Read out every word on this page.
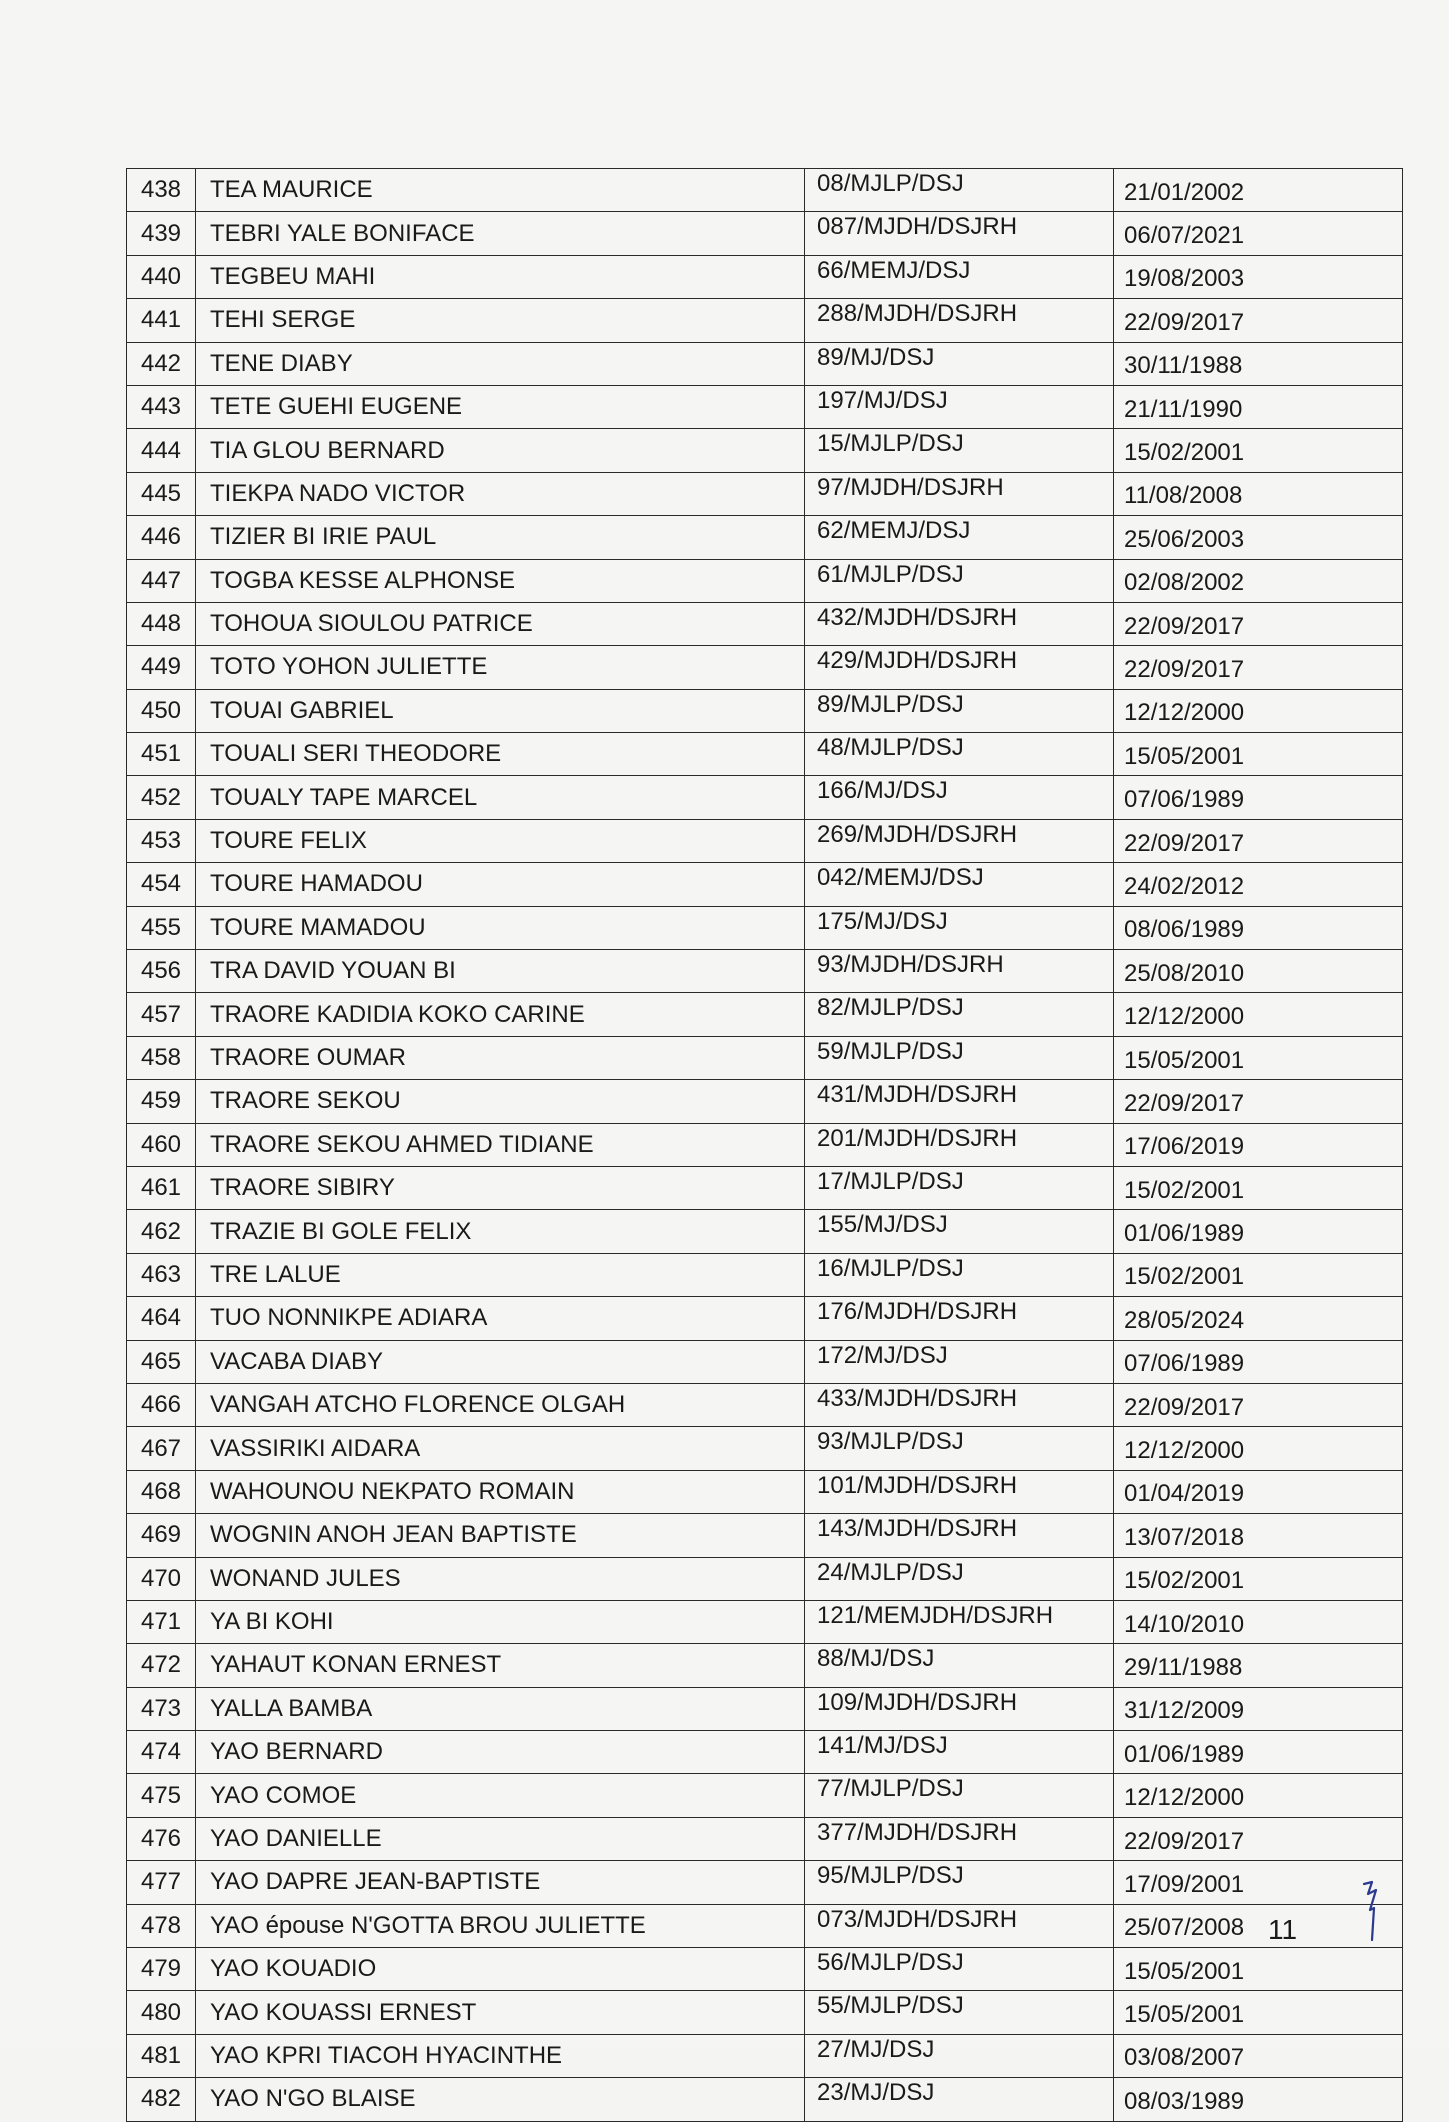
438	TEA MAURICE	08/MJLP/DSJ	21/01/2002
439	TEBRI YALE BONIFACE	087/MJDH/DSJRH	06/07/2021
440	TEGBEU MAHI	66/MEMJ/DSJ	19/08/2003
441	TEHI SERGE	288/MJDH/DSJRH	22/09/2017
442	TENE DIABY	89/MJ/DSJ	30/11/1988
443	TETE GUEHI EUGENE	197/MJ/DSJ	21/11/1990
444	TIA GLOU BERNARD	15/MJLP/DSJ	15/02/2001
445	TIEKPA NADO VICTOR	97/MJDH/DSJRH	11/08/2008
446	TIZIER BI IRIE PAUL	62/MEMJ/DSJ	25/06/2003
447	TOGBA KESSE ALPHONSE	61/MJLP/DSJ	02/08/2002
448	TOHOUA SIOULOU PATRICE	432/MJDH/DSJRH	22/09/2017
449	TOTO YOHON JULIETTE	429/MJDH/DSJRH	22/09/2017
450	TOUAI GABRIEL	89/MJLP/DSJ	12/12/2000
451	TOUALI SERI THEODORE	48/MJLP/DSJ	15/05/2001
452	TOUALY TAPE MARCEL	166/MJ/DSJ	07/06/1989
453	TOURE FELIX	269/MJDH/DSJRH	22/09/2017
454	TOURE HAMADOU	042/MEMJ/DSJ	24/02/2012
455	TOURE MAMADOU	175/MJ/DSJ	08/06/1989
456	TRA DAVID YOUAN BI	93/MJDH/DSJRH	25/08/2010
457	TRAORE KADIDIA KOKO CARINE	82/MJLP/DSJ	12/12/2000
458	TRAORE OUMAR	59/MJLP/DSJ	15/05/2001
459	TRAORE SEKOU	431/MJDH/DSJRH	22/09/2017
460	TRAORE SEKOU AHMED TIDIANE	201/MJDH/DSJRH	17/06/2019
461	TRAORE SIBIRY	17/MJLP/DSJ	15/02/2001
462	TRAZIE BI GOLE FELIX	155/MJ/DSJ	01/06/1989
463	TRE LALUE	16/MJLP/DSJ	15/02/2001
464	TUO NONNIKPE ADIARA	176/MJDH/DSJRH	28/05/2024
465	VACABA DIABY	172/MJ/DSJ	07/06/1989
466	VANGAH ATCHO FLORENCE OLGAH	433/MJDH/DSJRH	22/09/2017
467	VASSIRIKI AIDARA	93/MJLP/DSJ	12/12/2000
468	WAHOUNOU NEKPATO ROMAIN	101/MJDH/DSJRH	01/04/2019
469	WOGNIN ANOH JEAN BAPTISTE	143/MJDH/DSJRH	13/07/2018
470	WONAND JULES	24/MJLP/DSJ	15/02/2001
471	YA BI KOHI	121/MEMJDH/DSJRH	14/10/2010
472	YAHAUT KONAN ERNEST	88/MJ/DSJ	29/11/1988
473	YALLA BAMBA	109/MJDH/DSJRH	31/12/2009
474	YAO BERNARD	141/MJ/DSJ	01/06/1989
475	YAO COMOE	77/MJLP/DSJ	12/12/2000
476	YAO DANIELLE	377/MJDH/DSJRH	22/09/2017
477	YAO DAPRE JEAN-BAPTISTE	95/MJLP/DSJ	17/09/2001
478	YAO épouse N'GOTTA BROU JULIETTE	073/MJDH/DSJRH	25/07/2008
479	YAO KOUADIO	56/MJLP/DSJ	15/05/2001
480	YAO KOUASSI ERNEST	55/MJLP/DSJ	15/05/2001
481	YAO KPRI TIACOH HYACINTHE	27/MJ/DSJ	03/08/2007
482	YAO N'GO BLAISE	23/MJ/DSJ	08/03/1989
11
